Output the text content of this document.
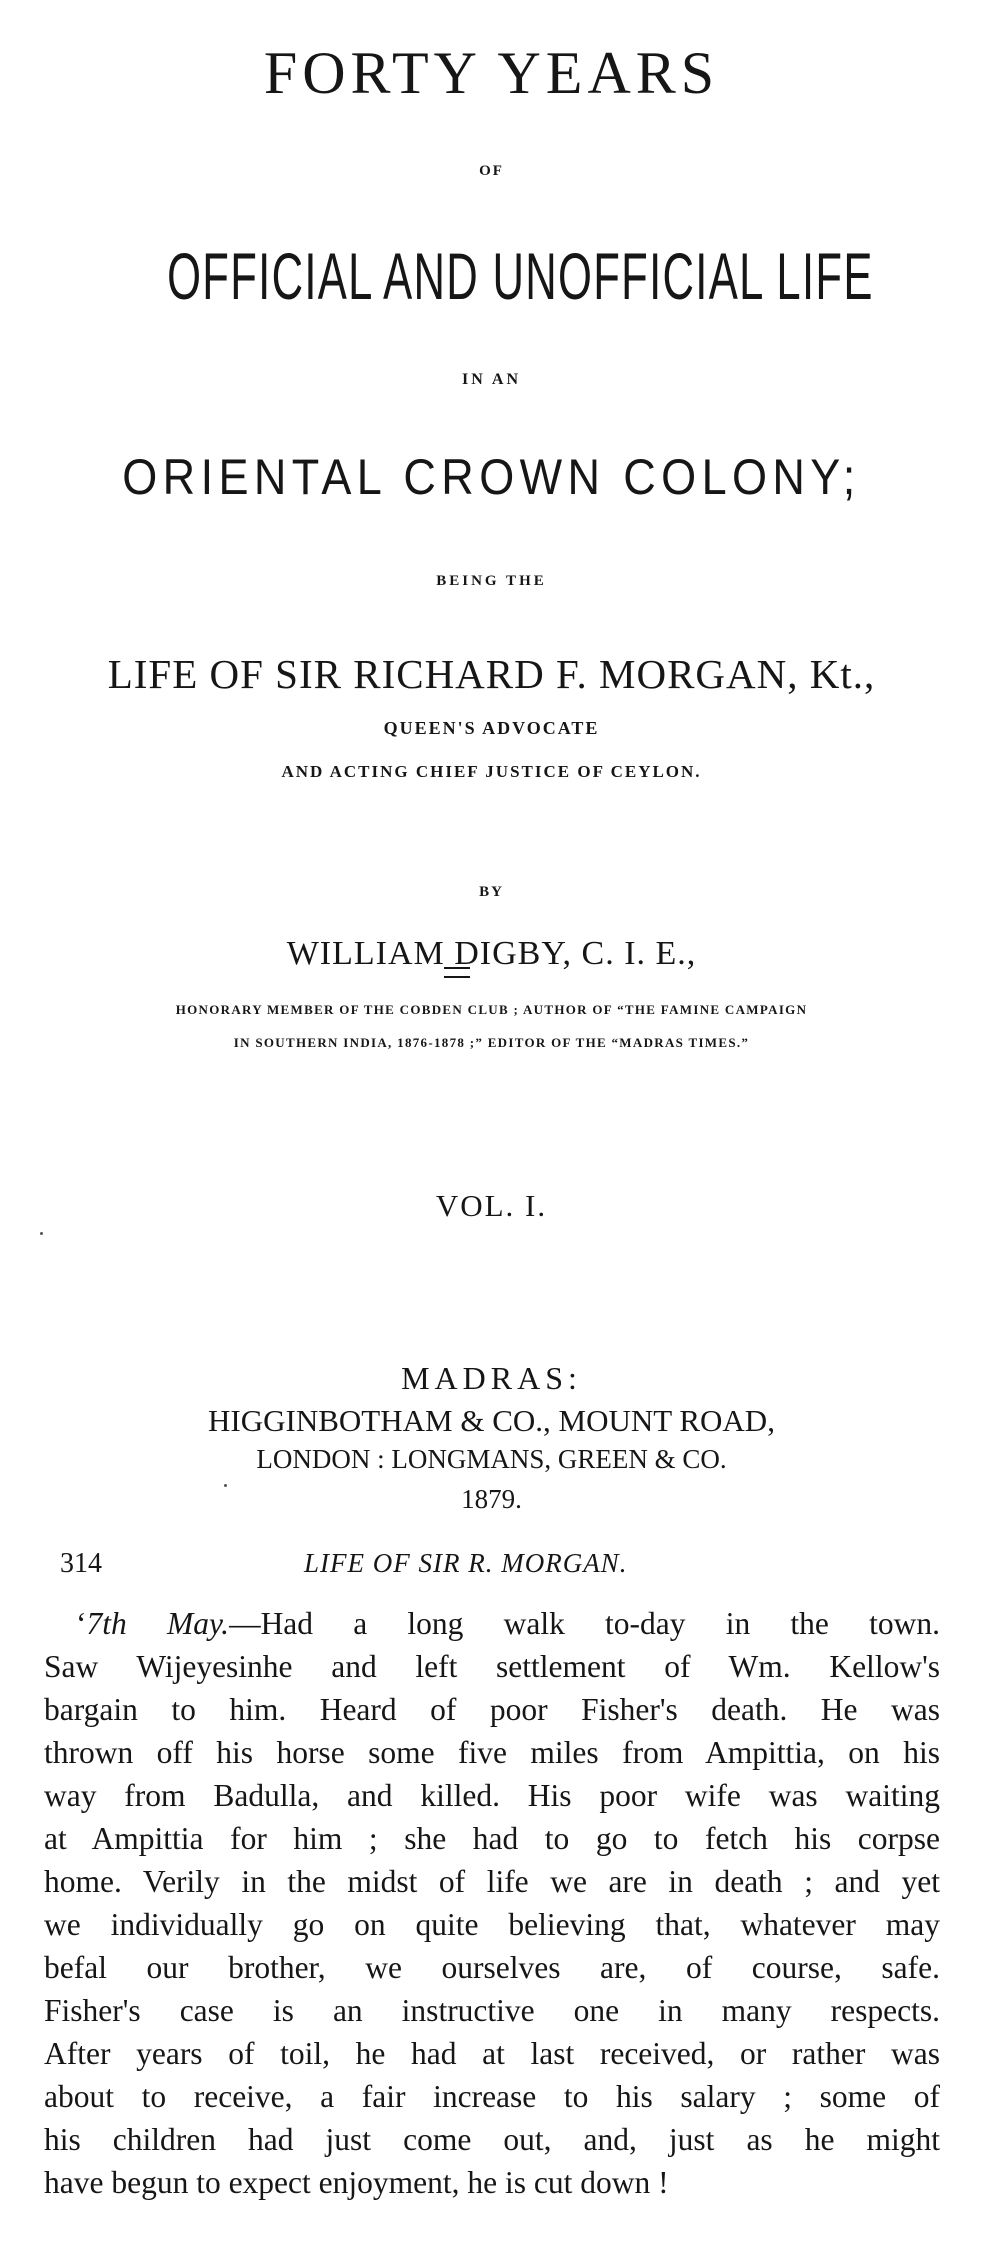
FORTY YEARS
OF
OFFICIAL AND UNOFFICIAL LIFE
IN AN
ORIENTAL CROWN COLONY;
BEING THE
LIFE OF SIR RICHARD F. MORGAN, Kt.,
QUEEN'S ADVOCATE
AND ACTING CHIEF JUSTICE OF CEYLON.
BY
WILLIAM DIGBY, C. I. E.,
HONORARY MEMBER OF THE COBDEN CLUB ; AUTHOR OF “THE FAMINE CAMPAIGN
IN SOUTHERN INDIA, 1876-1878 ;” EDITOR OF THE “MADRAS TIMES.”
VOL. I.
MADRAS:
HIGGINBOTHAM & CO., MOUNT ROAD,
LONDON : LONGMANS, GREEN & CO.
1879.
314	LIFE OF SIR R. MORGAN.
‘7th May.—Had a long walk to-day in the town.
Saw Wijeyesinhe and left settlement of Wm. Kellow's
bargain to him. Heard of poor Fisher's death. He was
thrown off his horse some five miles from Ampittia, on his
way from Badulla, and killed. His poor wife was waiting
at Ampittia for him ; she had to go to fetch his corpse
home. Verily in the midst of life we are in death ; and yet
we individually go on quite believing that, whatever may
befal our brother, we ourselves are, of course, safe.
Fisher's case is an instructive one in many respects.
After years of toil, he had at last received, or rather was
about to receive, a fair increase to his salary ; some of
his children had just come out, and, just as he might
have begun to expect enjoyment, he is cut down !
